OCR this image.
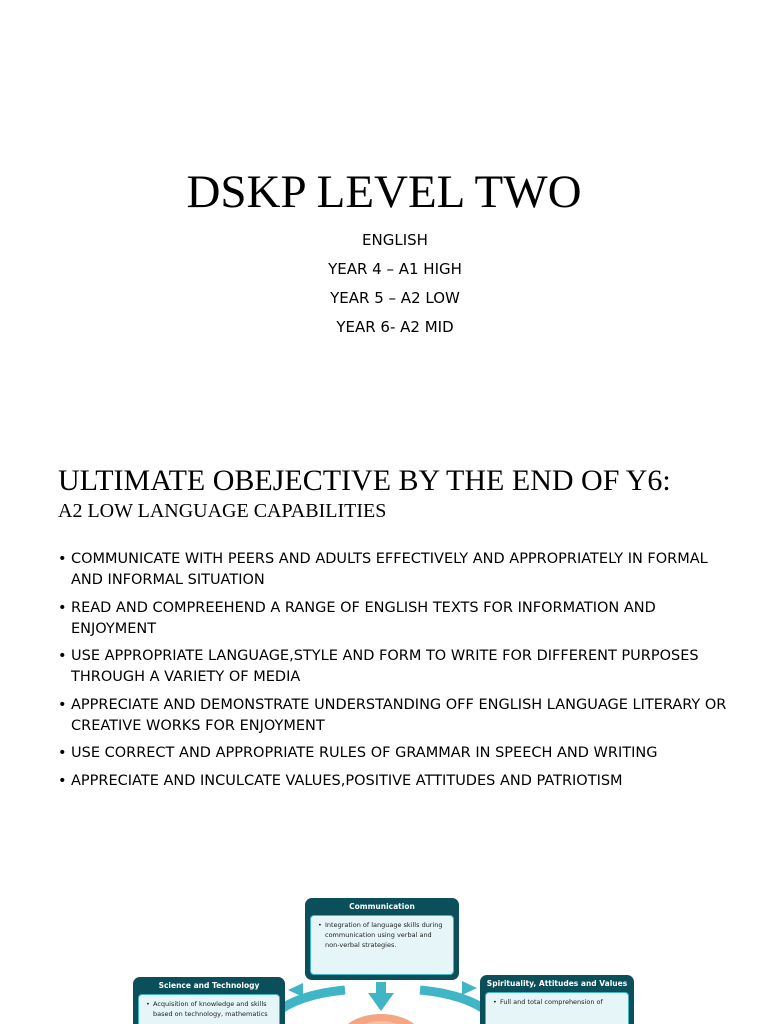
DSKP LEVEL TWO
ENGLISH
YEAR 4 – A1 HIGH
YEAR 5 – A2 LOW
YEAR 6- A2 MID
ULTIMATE OBEJECTIVE BY THE END OF Y6:
A2 LOW LANGUAGE CAPABILITIES
• COMMUNICATE WITH PEERS AND ADULTS EFFECTIVELY AND APPROPRIATELY IN FORMAL AND INFORMAL SITUATION
• READ AND COMPREEHEND A RANGE OF ENGLISH TEXTS FOR INFORMATION AND ENJOYMENT
• USE APPROPRIATE LANGUAGE,STYLE AND FORM TO WRITE FOR DIFFERENT PURPOSES THROUGH A VARIETY OF MEDIA
• APPRECIATE AND DEMONSTRATE UNDERSTANDING OFF ENGLISH LANGUAGE LITERARY OR CREATIVE WORKS FOR ENJOYMENT
• USE CORRECT AND APPROPRIATE RULES OF GRAMMAR IN SPEECH AND WRITING
• APPRECIATE AND INCULCATE VALUES,POSITIVE ATTITUDES AND PATRIOTISM
Communication
• Integration of language skills during communication using verbal and non-verbal strategies.
Science and Technology
• Acquisition of knowledge and skills based on technology, mathematics
Spirituality, Attitudes and Values
• Full and total comprehension of
